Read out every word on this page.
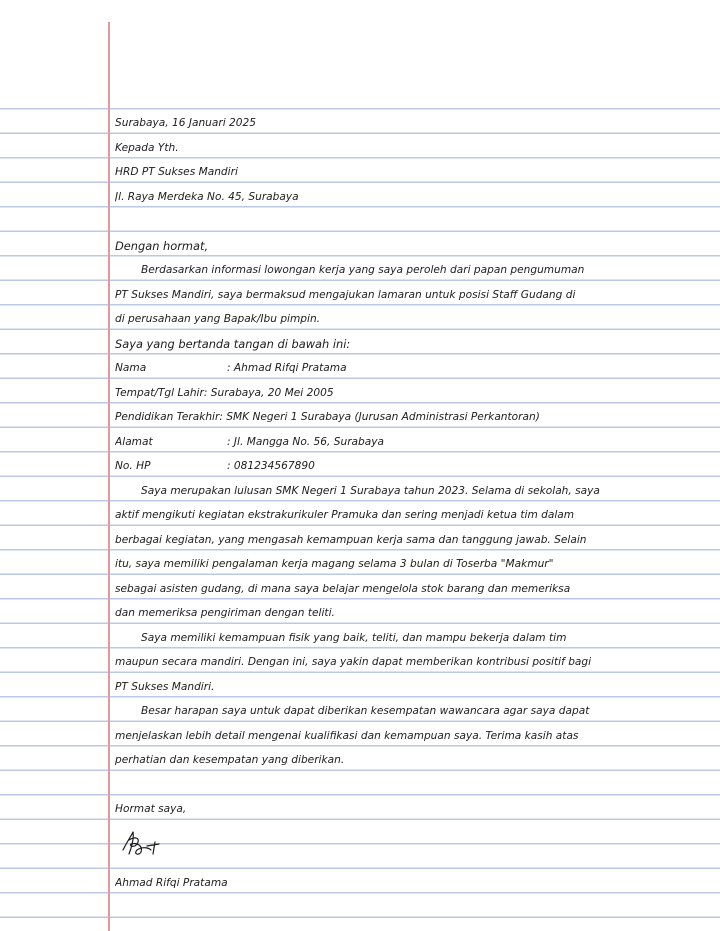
Surabaya, 16 Januari 2025
Kepada Yth.
HRD PT Sukses Mandiri
Jl. Raya Merdeka No. 45, Surabaya
Dengan hormat,
Berdasarkan informasi lowongan kerja yang saya peroleh dari papan pengumuman
PT Sukses Mandiri, saya bermaksud mengajukan lamaran untuk posisi Staff Gudang di
di perusahaan yang Bapak/Ibu pimpin.
Saya yang bertanda tangan di bawah ini:
Nama	: Ahmad Rifqi Pratama
Tempat/Tgl Lahir: Surabaya, 20 Mei 2005
Pendidikan Terakhir: SMK Negeri 1 Surabaya (Jurusan Administrasi Perkantoran)
Alamat	: Jl. Mangga No. 56, Surabaya
No. HP	: 081234567890
Saya merupakan lulusan SMK Negeri 1 Surabaya tahun 2023. Selama di sekolah, saya
aktif mengikuti kegiatan ekstrakurikuler Pramuka dan sering menjadi ketua tim dalam
berbagai kegiatan, yang mengasah kemampuan kerja sama dan tanggung jawab. Selain
itu, saya memiliki pengalaman kerja magang selama 3 bulan di Toserba "Makmur"
sebagai asisten gudang, di mana saya belajar mengelola stok barang dan memeriksa
dan memeriksa pengiriman dengan teliti.
Saya memiliki kemampuan fisik yang baik, teliti, dan mampu bekerja dalam tim
maupun secara mandiri. Dengan ini, saya yakin dapat memberikan kontribusi positif bagi
PT Sukses Mandiri.
Besar harapan saya untuk dapat diberikan kesempatan wawancara agar saya dapat
menjelaskan lebih detail mengenai kualifikasi dan kemampuan saya. Terima kasih atas
perhatian dan kesempatan yang diberikan.
Hormat saya,
Ahmad Rifqi Pratama
